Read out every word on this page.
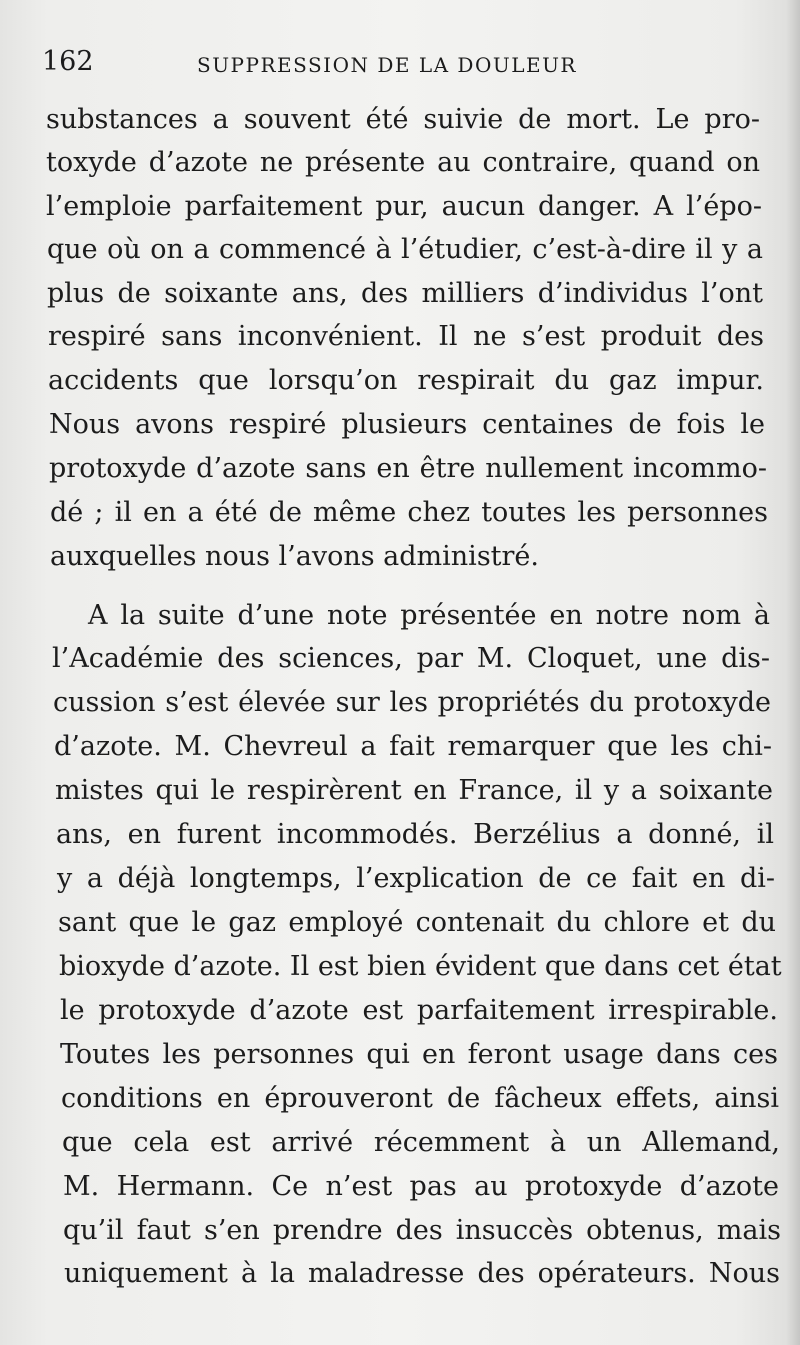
162	SUPPRESSION DE LA DOULEUR
substances a souvent été suivie de mort. Le pro-
toxyde d’azote ne présente au contraire, quand on
l’emploie parfaitement pur, aucun danger. A l’épo-
que où on a commencé à l’étudier, c’est-à-dire il y a
plus de soixante ans, des milliers d’individus l’ont
respiré sans inconvénient. Il ne s’est produit des
accidents que lorsqu’on respirait du gaz impur.
Nous avons respiré plusieurs centaines de fois le
protoxyde d’azote sans en être nullement incommo-
dé ; il en a été de même chez toutes les personnes
auxquelles nous l’avons administré.
A la suite d’une note présentée en notre nom à
l’Académie des sciences, par M. Cloquet, une dis-
cussion s’est élevée sur les propriétés du protoxyde
d’azote. M. Chevreul a fait remarquer que les chi-
mistes qui le respirèrent en France, il y a soixante
ans, en furent incommodés. Berzélius a donné, il
y a déjà longtemps, l’explication de ce fait en di-
sant que le gaz employé contenait du chlore et du
bioxyde d’azote. Il est bien évident que dans cet état
le protoxyde d’azote est parfaitement irrespirable.
Toutes les personnes qui en feront usage dans ces
conditions en éprouveront de fâcheux effets, ainsi
que cela est arrivé récemment à un Allemand,
M. Hermann. Ce n’est pas au protoxyde d’azote
qu’il faut s’en prendre des insuccès obtenus, mais
uniquement à la maladresse des opérateurs. Nous
